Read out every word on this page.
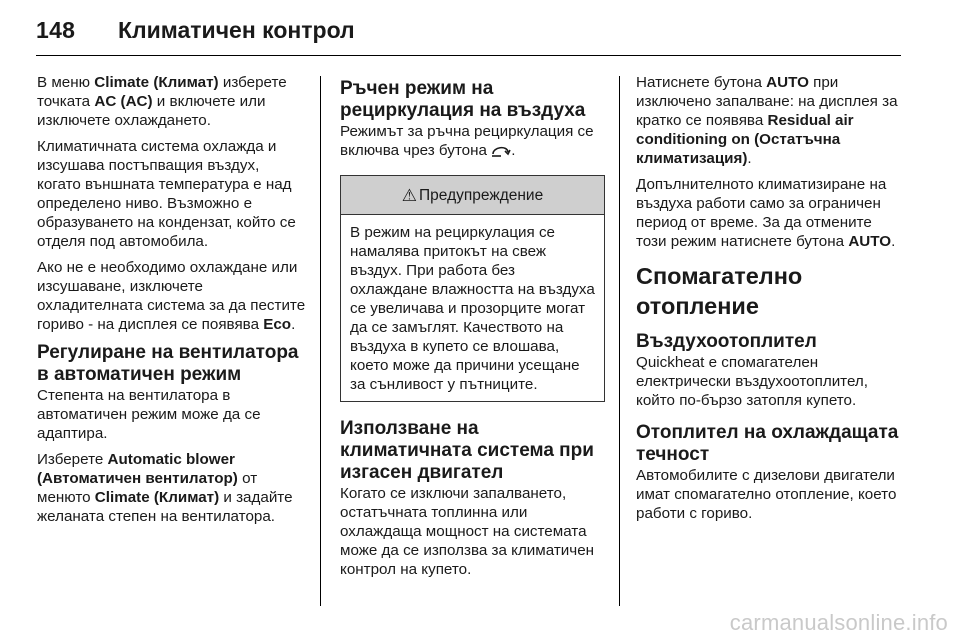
148	Климатичен контрол

В меню Climate (Климат) изберете точката AC (AC) и включете или изключете охлаждането.

Климатичната система охлажда и изсушава постъпващия въздух, когато външната температура е над определено ниво. Възможно е образуването на кондензат, който се отделя под автомобила.

Ако не е необходимо охлаждане или изсушаване, изключете охладителната система за да пестите гориво - на дисплея се появява Eco.

Регулиране на вентилатора в автоматичен режим

Степента на вентилатора в автоматичен режим може да се адаптира.

Изберете Automatic blower (Автоматичен вентилатор) от менюто Climate (Климат) и задайте желаната степен на вентилатора.

Ръчен режим на рециркулация на въздуха

Режимът за ръчна рециркулация се включва чрез бутона .

⚠ Предупреждение
В режим на рециркулация се намалява притокът на свеж въздух. При работа без охлаждане влажността на въздуха се увеличава и прозорците могат да се замъглят. Качеството на въздуха в купето се влошава, което може да причини усещане за сънливост у пътниците.
Използване на климатичната система при изгасен двигател

Когато се изключи запалването, остатъчната топлинна или охлаждаща мощност на системата може да се използва за климатичен контрол на купето.

Натиснете бутона AUTO при изключено запалване: на дисплея за кратко се появява Residual air conditioning on (Остатъчна климатизация).

Допълнителното климатизиране на въздуха работи само за ограничен период от време. За да отмените този режим натиснете бутона AUTO.

Спомагателно отопление
Въздухоотоплител

Quickheat е спомагателен електрически въздухоотоплител, който по-бързо затопля купето.

Отоплител на охлаждащата течност

Автомобилите с дизелови двигатели имат спомагателно отопление, което работи с гориво.

carmanualsonline.info
